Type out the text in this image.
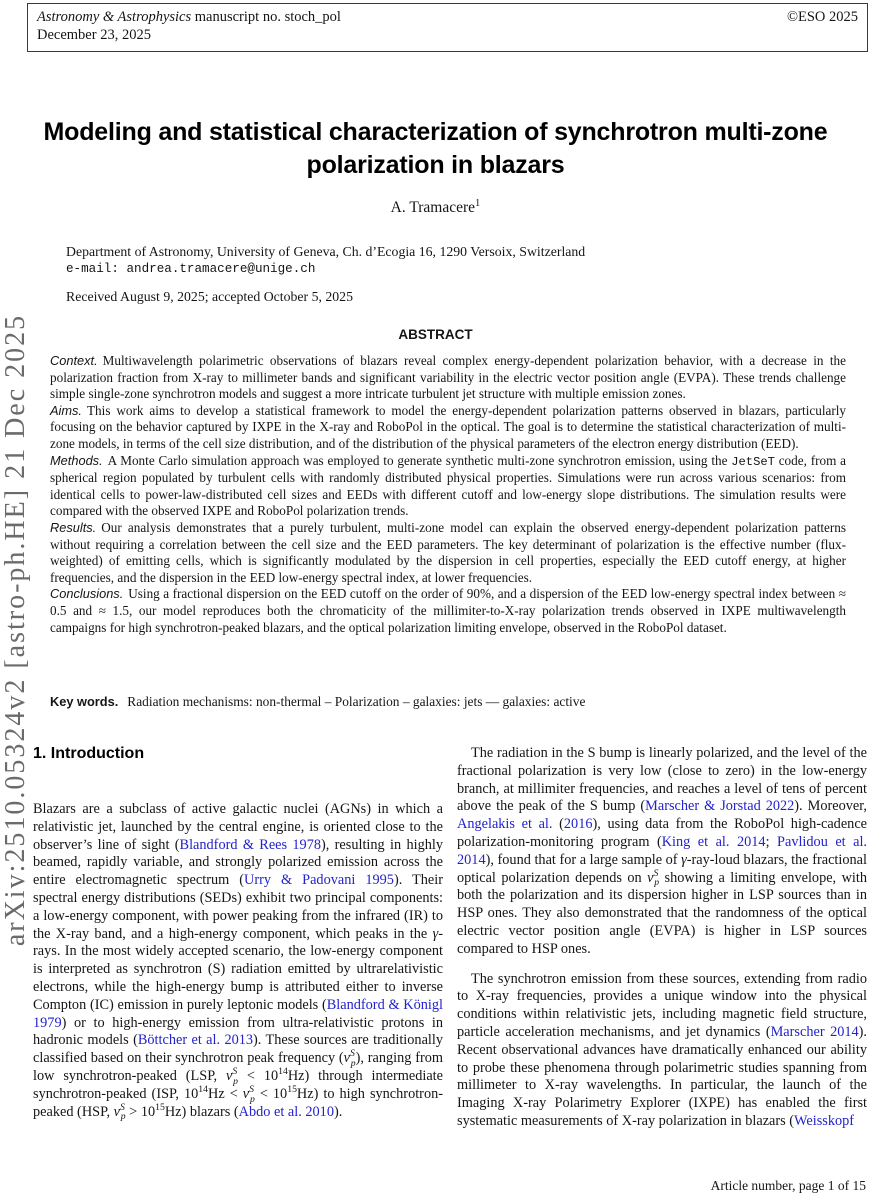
arXiv:2510.05324v2 [astro-ph.HE] 21 Dec 2025
Astronomy & Astrophysics manuscript no. stoch_pol
December 23, 2025
©ESO 2025
Modeling and statistical characterization of synchrotron multi-zone
polarization in blazars
A. Tramacere$^1$
Department of Astronomy, University of Geneva, Ch. d’Ecogia 16, 1290 Versoix, Switzerland
e-mail: andrea.tramacere@unige.ch
Received August 9, 2025; accepted October 5, 2025
ABSTRACT

Context. Multiwavelength polarimetric observations of blazars reveal complex energy-dependent polarization behavior, with a decrease in the polarization fraction from X-ray to millimeter bands and significant variability in the electric vector position angle (EVPA). These trends challenge simple single-zone synchrotron models and suggest a more intricate turbulent jet structure with multiple emission zones.

Aims. This work aims to develop a statistical framework to model the energy-dependent polarization patterns observed in blazars, particularly focusing on the behavior captured by IXPE in the X-ray and RoboPol in the optical. The goal is to determine the statistical characterization of multi-zone models, in terms of the cell size distribution, and of the distribution of the physical parameters of the electron energy distribution (EED).

Methods. A Monte Carlo simulation approach was employed to generate synthetic multi-zone synchrotron emission, using the JetSeT code, from a spherical region populated by turbulent cells with randomly distributed physical properties. Simulations were run across various scenarios: from identical cells to power-law-distributed cell sizes and EEDs with different cutoff and low-energy slope distributions. The simulation results were compared with the observed IXPE and RoboPol polarization trends.

Results. Our analysis demonstrates that a purely turbulent, multi-zone model can explain the observed energy-dependent polarization patterns without requiring a correlation between the cell size and the EED parameters. The key determinant of polarization is the effective number (flux-weighted) of emitting cells, which is significantly modulated by the dispersion in cell properties, especially the EED cutoff energy, at higher frequencies, and the dispersion in the EED low-energy spectral index, at lower frequencies.

Conclusions. Using a fractional dispersion on the EED cutoff on the order of 90%, and a dispersion of the EED low-energy spectral index between ≈ 0.5 and ≈ 1.5, our model reproduces both the chromaticity of the millimiter-to-X-ray polarization trends observed in IXPE multiwavelength campaigns for high synchrotron-peaked blazars, and the optical polarization limiting envelope, observed in the RoboPol dataset.

Key words. Radiation mechanisms: non-thermal – Polarization – galaxies: jets — galaxies: active
1. Introduction

Blazars are a subclass of active galactic nuclei (AGNs) in which a relativistic jet, launched by the central engine, is oriented close to the observer’s line of sight (Blandford & Rees 1978), resulting in highly beamed, rapidly variable, and strongly polarized emission across the entire electromagnetic spectrum (Urry & Padovani 1995). Their spectral energy distributions (SEDs) exhibit two principal components: a low-energy component, with power peaking from the infrared (IR) to the X-ray band, and a high-energy component, which peaks in the γ-rays. In the most widely accepted scenario, the low-energy component is interpreted as synchrotron (S) radiation emitted by ultrarelativistic electrons, while the high-energy bump is attributed either to inverse Compton (IC) emission in purely leptonic models (Blandford & Königl 1979) or to high-energy emission from ultra-relativistic protons in hadronic models (Böttcher et al. 2013). These sources are traditionally classified based on their synchrotron peak frequency $(\nu^S_p)$, ranging from low synchrotron-peaked (LSP, $\nu^S_p < 10^{14}Hz$) through intermediate synchrotron-peaked (ISP, $10^{14}Hz < \nu^S_p < 10^{15}Hz$) to high synchrotron-peaked (HSP, $\nu^S_p > 10^{15}Hz$) blazars (Abdo et al. 2010).

The radiation in the S bump is linearly polarized, and the level of the fractional polarization is very low (close to zero) in the low-energy branch, at millimiter frequencies, and reaches a level of tens of percent above the peak of the S bump (Marscher & Jorstad 2022). Moreover, Angelakis et al. (2016), using data from the RoboPol high-cadence polarization-monitoring program (King et al. 2014; Pavlidou et al. 2014), found that for a large sample of γ-ray-loud blazars, the fractional optical polarization depends on $\nu^S_p$ showing a limiting envelope, with both the polarization and its dispersion higher in LSP sources than in HSP ones. They also demonstrated that the randomness of the optical electric vector position angle (EVPA) is higher in LSP sources compared to HSP ones.

The synchrotron emission from these sources, extending from radio to X-ray frequencies, provides a unique window into the physical conditions within relativistic jets, including magnetic field structure, particle acceleration mechanisms, and jet dynamics (Marscher 2014). Recent observational advances have dramatically enhanced our ability to probe these phenomena through polarimetric studies spanning from millimeter to X-ray wavelengths. In particular, the launch of the Imaging X-ray Polarimetry Explorer (IXPE) has enabled the first systematic measurements of X-ray polarization in blazars (Weisskopf

Article number, page 1 of 15
